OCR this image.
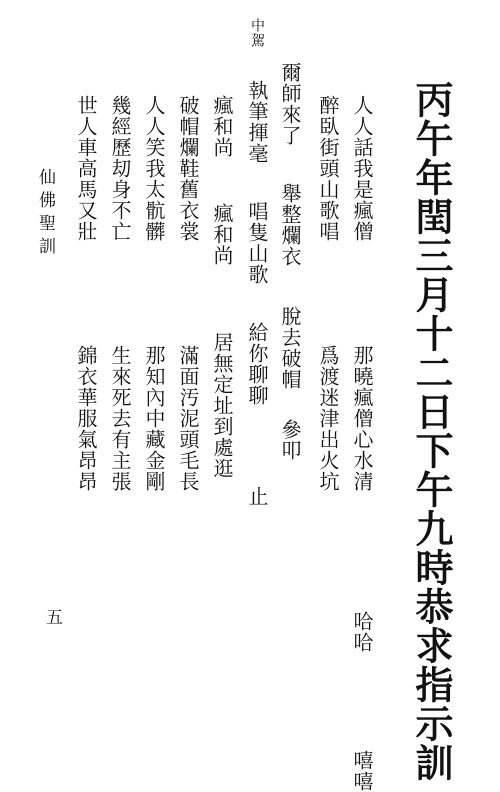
丙午年閏三月十二日下午九時恭求指示訓
人人話我是瘋僧 那曉瘋僧心水清 哈哈 嘻嘻
醉臥街頭山歌唱 爲渡迷津出火坑
爾師來了 舉整爛衣 脫去破帽 參叩
中駕 執筆揮毫 唱隻山歌 給你聊聊 止
瘋和尚 瘋和尚 居無定址到處逛
破帽爛鞋舊衣裳 滿面汚泥頭毛長
人人笑我太骯髒 那知內中藏金剛
幾經歷刧身不亡 生來死去有主張
世人車高馬又壯 錦衣華服氣昂昂
仙佛聖訓
五
